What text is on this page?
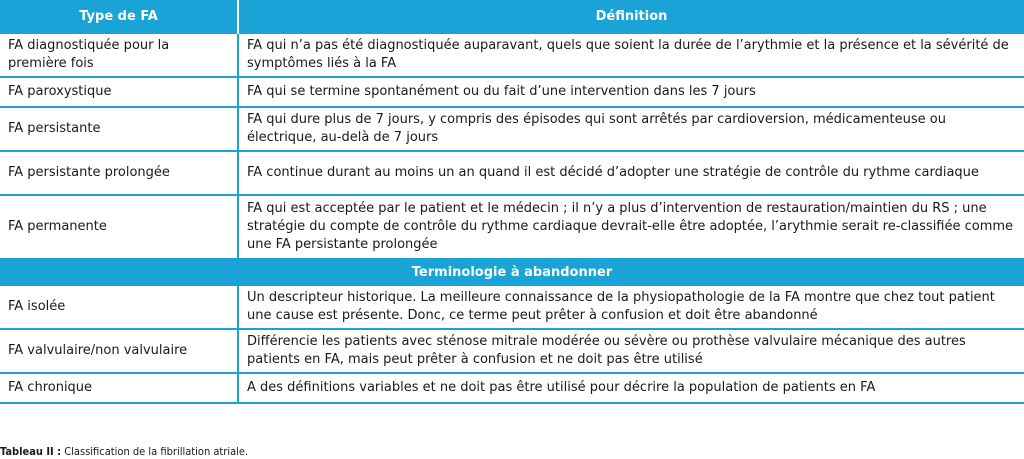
Type de FA	Définition
FA diagnostiquée pour la première fois	FA qui n’a pas été diagnostiquée auparavant, quels que soient la durée de l’arythmie et la présence et la sévérité de symptômes liés à la FA
FA paroxystique	FA qui se termine spontanément ou du fait d’une intervention dans les 7 jours
FA persistante	FA qui dure plus de 7 jours, y compris des épisodes qui sont arrêtés par cardioversion, médicamenteuse ou électrique, au-delà de 7 jours
FA persistante prolongée	FA continue durant au moins un an quand il est décidé d’adopter une stratégie de contrôle du rythme cardiaque
FA permanente	FA qui est acceptée par le patient et le médecin ; il n’y a plus d’intervention de restauration/maintien du RS ; une stratégie du compte de contrôle du rythme cardiaque devrait-elle être adoptée, l’arythmie serait re-classifiée comme une FA persistante prolongée
Terminologie à abandonner	
FA isolée	Un descripteur historique. La meilleure connaissance de la physiopathologie de la FA montre que chez tout patient une cause est présente. Donc, ce terme peut prêter à confusion et doit être abandonné
FA valvulaire/non valvulaire	Différencie les patients avec sténose mitrale modérée ou sévère ou prothèse valvulaire mécanique des autres patients en FA, mais peut prêter à confusion et ne doit pas être utilisé
FA chronique	A des définitions variables et ne doit pas être utilisé pour décrire la population de patients en FA
Tableau II : Classification de la fibrillation atriale.
